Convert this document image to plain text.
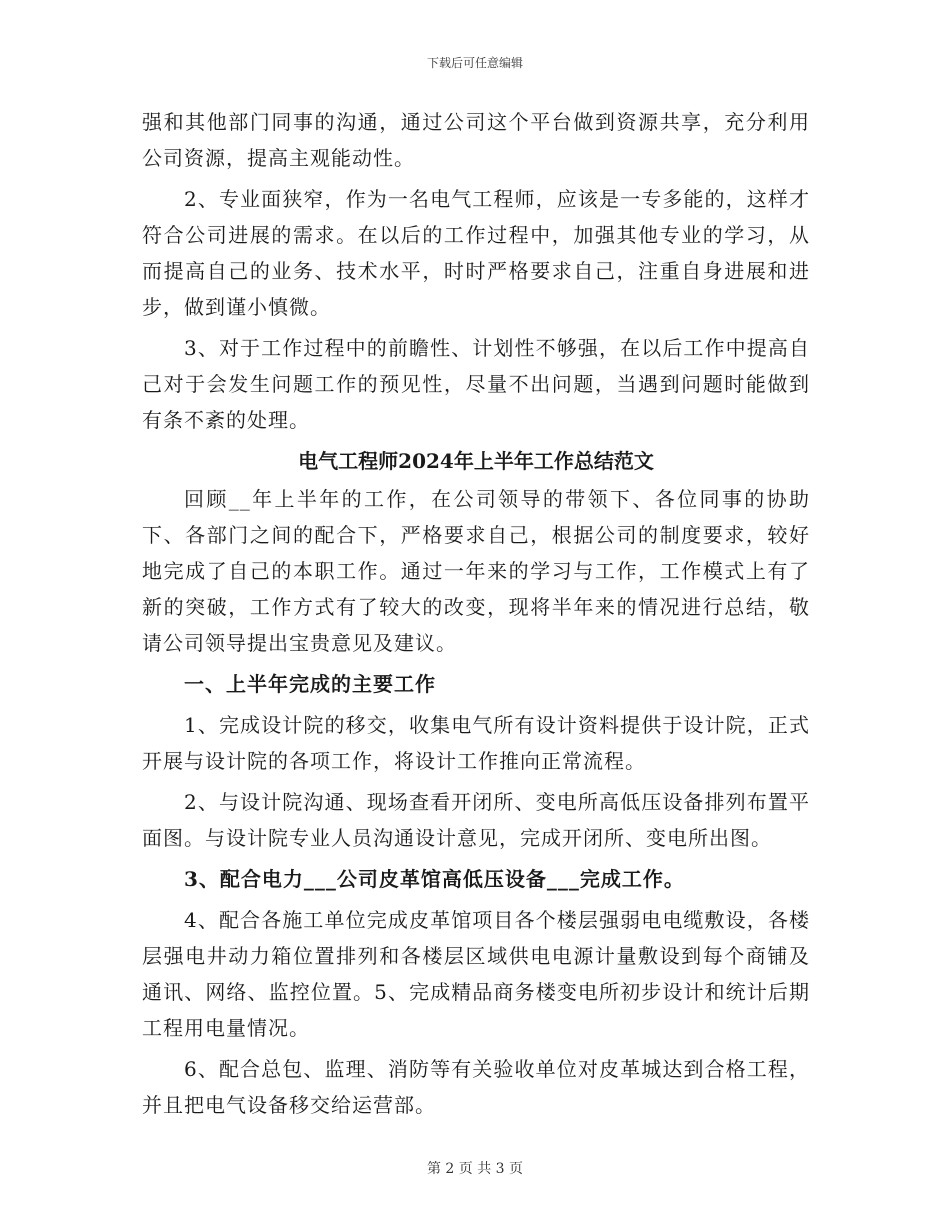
下载后可任意编辑

强和其他部门同事的沟通，通过公司这个平台做到资源共享，充分利用公司资源，提高主观能动性。

2、专业面狭窄，作为一名电气工程师，应该是一专多能的，这样才符合公司进展的需求。在以后的工作过程中，加强其他专业的学习，从而提高自己的业务、技术水平，时时严格要求自己，注重自身进展和进步，做到谨小慎微。

3、对于工作过程中的前瞻性、计划性不够强，在以后工作中提高自己对于会发生问题工作的预见性，尽量不出问题，当遇到问题时能做到有条不紊的处理。

电气工程师2024年上半年工作总结范文

回顾__年上半年的工作，在公司领导的带领下、各位同事的协助下、各部门之间的配合下，严格要求自己，根据公司的制度要求，较好地完成了自己的本职工作。通过一年来的学习与工作，工作模式上有了新的突破，工作方式有了较大的改变，现将半年来的情况进行总结，敬请公司领导提出宝贵意见及建议。

一、上半年完成的主要工作

1、完成设计院的移交，收集电气所有设计资料提供于设计院，正式开展与设计院的各项工作，将设计工作推向正常流程。

2、与设计院沟通、现场查看开闭所、变电所高低压设备排列布置平面图。与设计院专业人员沟通设计意见，完成开闭所、变电所出图。

3、配合电力___公司皮革馆高低压设备___完成工作。

4、配合各施工单位完成皮革馆项目各个楼层强弱电电缆敷设，各楼层强电井动力箱位置排列和各楼层区域供电电源计量敷设到每个商铺及通讯、网络、监控位置。5、完成精品商务楼变电所初步设计和统计后期工程用电量情况。

6、配合总包、监理、消防等有关验收单位对皮革城达到合格工程，并且把电气设备移交给运营部。

第 2 页 共 3 页
